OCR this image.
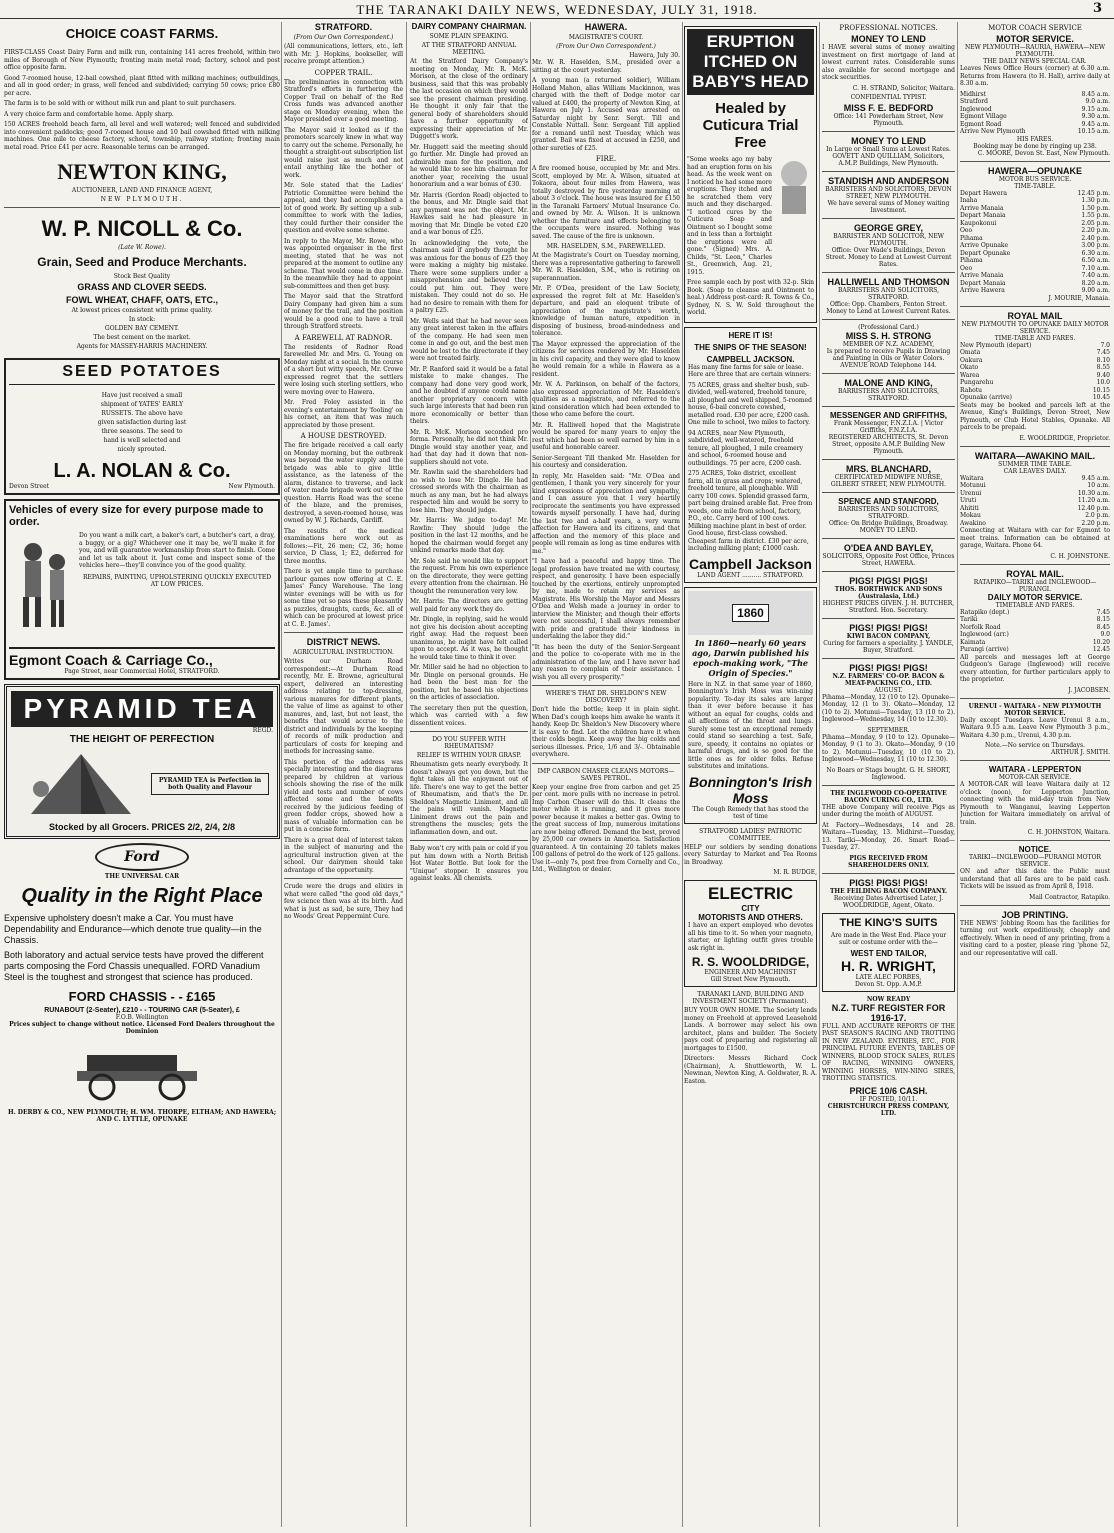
THE TARANAKI DAILY NEWS, WEDNESDAY, JULY 31, 1918.	3
CHOICE COAST FARMS.

FIRST-CLASS Coast Dairy Farm and milk run, containing 141 acres freehold, within two miles of Borough of New Plymouth; fronting main metal road; factory, school and post office opposite farm.

Good 7-roomed house, 12-bail cowshed, plant fitted with milking machines; outbuildings, and all in good order; in grass, well fenced and subdivided; carrying 50 cows; price £80 per acre.

The farm is to be sold with or without milk run and plant to suit purchasers.

A very choice farm and comfortable home. Apply sharp.

150 ACRES freehold beach farm, all level and well watered; well fenced and subdivided into convenient paddocks; good 7-roomed house and 10 bail cowshed fitted with milking machines. One mile to cheese factory, school, township, railway station; fronting main metal road. Price £41 per acre. Reasonable terms can be arranged.

NEWTON KING,
AUCTIONEER, LAND AND FINANCE AGENT,
NEW PLYMOUTH.
W. P. NICOLL & Co.
(Late W. Rowe).
Grain, Seed and Produce Merchants.
Stock Best Quality
GRASS AND CLOVER SEEDS.
FOWL WHEAT, CHAFF, OATS, ETC.,
At lowest prices consistent with prime quality.
In stock:
GOLDEN BAY CEMENT.
The best cement on the market.
Agents for MASSEY-HARRIS MACHINERY.
SEED POTATOES
Have just received a small shipment of YATES' EARLY RUSSETS. The above have given satisfaction during last three seasons. The seed to hand is well selected and nicely sprouted.
L. A. NOLAN & Co.
Devon Street	New Plymouth.
Vehicles of every size for every purpose made to order.
Do you want a milk cart, a baker's cart, a butcher's cart, a dray, a buggy, or a gig? Whichever one it may be, we'll make it for you, and will guarantee workmanship from start to finish. Come and let us talk about it. Just come and inspect some of the vehicles here—they'll convince you of the good quality.
REPAIRS, PAINTING, UPHOLSTERING QUICKLY EXECUTED AT LOW PRICES.
Egmont Coach & Carriage Co.,
Page Street, near Commercial Hotel, STRATFORD.
PYRAMID TEA
REGD.
THE HEIGHT OF PERFECTION
PYRAMID TEA is Perfection in both Quality and Flavour
Stocked by all Grocers. PRICES 2/2, 2/4, 2/8
Ford
THE UNIVERSAL CAR
Quality in the Right Place
Expensive upholstery doesn't make a Car. You must have Dependability and Endurance—which denote true quality—in the Chassis.
Both laboratory and actual service tests have proved the different parts composing the Ford Chassis unequalled. FORD Vanadium Steel is the toughest and strongest that science has produced.
FORD CHASSIS - - £165
RUNABOUT (2-Seater), £210 - - TOURING CAR (5-Seater), £
F.O.B. Wellington
Prices subject to change without notice. Licensed Ford Dealers throughout the Dominion
H. DERBY & CO., NEW PLYMOUTH; H. WM. THORPE, ELTHAM; AND HAWERA; AND C. LYTTLE, OPUNAKE
STRATFORD.
(From Our Own Correspondent.)

(All communications, letters, etc., left with Mr. J. Hopkins, bookseller, will receive prompt attention.)

COPPER TRAIL.

The preliminaries in connection with Stratford's efforts in furthering the Copper Trail on behalf of the Red Cross funds was advanced another stage on Monday evening, when the Mayor presided over a good meeting.

The Mayor said it looked as if the promoters scarcely knew in what way to carry out the scheme. Personally, he thought a straight-out subscription list would raise just as much and not entail anything like the bother of work.

Mr. Sole stated that the Ladies' Patriotic Committee were behind the appeal, and they had accomplished a lot of good work. By setting up a sub-committee to work with the ladies, they could further their consider the question and evolve some scheme.

In reply to the Mayor, Mr. Rowe, who was appointed organiser in the first meeting, stated that he was not prepared at the moment to outline any scheme. That would come in due time. In the meanwhile they had to appoint sub-committees and then get busy.

The Mayor said that the Stratford Dairy Company had given him a sum of money for the trail, and the position would be a good one to have a trail through Stratford streets.

A FAREWELL AT RADNOR.

The residents of Radnor Road farewelled Mr. and Mrs. G. Young on Monday night at a social. In the course of a short but witty speech, Mr. Crowe expressed regret that the settlers were losing such sterling settlers, who were moving over to Hawera.

Mr. Fred Foley assisted in the evening's entertainment by 'fooling' on his cornet, an item that was much appreciated by those present.

A HOUSE DESTROYED.

The fire brigade received a call early on Monday morning, but the outbreak was beyond the water supply and the brigade was able to give little assistance, as the lateness of the alarm, distance to traverse, and lack of water made brigade work out of the question. Harris Road was the scene of the blaze, and the premises, destroyed, a seven-roomed house, was owned by W. J. Richards, Cardiff.

The results of the medical examinations here work out as follows:—Fit, 26 men; C2, 36; home service, D Class, 1; E2, deferred for three months.

There is yet ample time to purchase parlour games now offering at C. E. James' Fancy Warehouse. The long winter evenings will be with us for some time yet so pass these pleasantly as puzzles, draughts, cards, &c. all of which can be procured at lowest price at C. E. James'.

DISTRICT NEWS.
AGRICULTURAL INSTRUCTION.

Writes our Durham Road correspondent:—At Durham Road recently, Mr. E. Browne, agricultural expert, delivered an interesting address relating to top-dressing, various manures for different plants, the value of lime as against to other manures, and, last, but not least, the benefits that would accrue to the district and individuals by the keeping of records of milk production and particulars of costs for keeping and methods for increasing same.

This portion of the address was specially interesting and the diagrams prepared by children at various schools showing the rise of the milk yield and tests and number of cows affected some and the benefits received by the judicious feeding of green fodder crops, showed how a mass of valuable information can be put in a concise form.

There is a great deal of interest taken in the subject of manuring and the agricultural instruction given at the school. Our dairymen should take advantage of the opportunity.

Crude were the drugs and elixirs in what were called "the good old days," few science then was at its birth. And what is just as sad, be sure, They had no Woods' Great Peppermint Cure.

DAIRY COMPANY CHAIRMAN.
SOME PLAIN SPEAKING.
AT THE STRATFORD ANNUAL MEETING.

At the Stratford Dairy Company's meeting on Monday, Mr. R. McK. Morison, at the close of the ordinary business, said that this was probably the last occasion on which they would see the present chairman presiding. He thought it only fair that the general body of shareholders should have a further opportunity of expressing their appreciation of Mr. Duggett's work.

Mr. Huggett said the meeting should go further. Mr. Dingle had proved an admirable man for the position, and he would like to see him chairman for another year, receiving the usual honorarium and a war bonus of £30.

Mr. Harris (Gordon Road) objected to the bonus, and Mr. Dingle said that any payment was not the object. Mr. Hawkes said he had pleasure in moving that Mr. Dingle be voted £20 and a war bonus of £25.

In acknowledging the vote, the chairman said if anybody thought he was anxious for the bonus of £25 they were making a mighty big mistake. There were some suppliers under a misapprehension and believed they could put him out. They were mistaken. They could not do so. He had no desire to remain with them for a paltry £25.

Mr. Wells said that he had never seen any great interest taken in the affairs of the company. He had seen men come in and go out, and the best men would be lost to the directorate if they were not treated fairly.

Mr. P. Ranford said it would be a fatal mistake to make changes. The company had done very good work, and he doubted if anyone could name another proprietary concern with such large interests that had been run more economically or better than theirs.

Mr. R. McK. Morison seconded pro forma. Personally, he did not think Mr. Dingle would stay another year, and had that day had it down that non-suppliers should not vote.

Mr. Rawlin said the shareholders had no wish to lose Mr. Dingle. He had crossed swords with the chairman as much as any man, but he had always respected him and would be sorry to lose him. They should judge.

Mr. Harris: We judge to-day! Mr. Rawlin: They should judge the position in the last 12 months, and he hoped the chairman would forget any unkind remarks made that day.

Mr. Sole said he would like to support the request. From his own experience on the directorate, they were getting every attention from the chairman. He thought the remuneration very low.

Mr. Harris: The directors are getting well paid for any work they do.

Mr. Dingle, in replying, said he would not give his decision about accepting right away. Had the request been unanimous, he might have felt called upon to accept. As it was, he thought he would take time to think it over.

Mr. Miller said he had no objection to Mr. Dingle on personal grounds. He had been the best man for the position, but he based his objections on the articles of association.

The secretary then put the question, which was carried with a few dissentient voices.

DO YOU SUFFER WITH RHEUMATISM?
RELIEF IS WITHIN YOUR GRASP.

Rheumatism gets nearly everybody. It doesn't always get you down, but the fight takes all the enjoyment out of life. There's one way to get the better of Rheumatism, and that's the Dr. Sheldon's Magnetic Liniment, and all the pains will vanish. Magnetic Liniment draws out the pain and strengthens the muscles; gets the inflammation down, and out.

Baby won't cry with pain or cold if you put him down with a North British Hot Water Bottle. But look for the "Unique" stopper. It ensures you against leaks. All chemists.

HAWERA.
MAGISTRATE'S COURT.
(From Our Own Correspondent.)
Hawera, July 30.

Mr. W. R. Haselden, S.M., presided over a sitting at the court yesterday.

A young man (a returned soldier), William Holland Mahon, alias William Mackinnon, was charged with the theft of Dodge motor car valued at £400, the property of Newton King, at Hawera on July 1. Accused was arrested on Saturday night by Senr. Sergt. Till and Constable Nuttall. Senr. Sergeant Till applied for a remand until next Tuesday, which was granted. Bail was fixed at accused in £250, and other sureties of £25.

FIRE.

A fire roomed house, occupied by Mr. and Mrs. Scott, employed by Mr. A. Wilson, situated at Tokaora, about four miles from Hawera, was totally destroyed by fire yesterday morning at about 3 o'clock. The house was insured for £150 in the Taranaki Farmers' Mutual Insurance Co. and owned by Mr. A. Wilson. It is unknown whether the furniture and effects belonging to the occupants were insured. Nothing was saved. The cause of the fire is unknown.

MR. HASELDEN, S.M., FAREWELLED.

At the Magistrate's Court on Tuesday morning, there was a representative gathering to farewell Mr. W. R. Haselden, S.M., who is retiring on superannuation.

Mr. P. O'Dea, president of the Law Society, expressed the regret felt at Mr. Haselden's departure, and paid an eloquent tribute of appreciation of the magistrate's worth, knowledge of human nature, expedition in disposing of business, broad-mindedness and tolerance.

The Mayor expressed the appreciation of the citizens for services rendered by Mr. Haselden in his civil capacity, and they were glad to know he would remain for a while in Hawera as a resident.

Mr. W. A. Parkinson, on behalf of the factors, also expressed appreciation of Mr. Haselden's qualities as a magistrate, and referred to the kind consideration which had been extended to those who came before the court.

Mr. R. Halliwell hoped that the Magistrate would be spared for many years to enjoy the rest which had been so well earned by him in a useful and honorable career.

Senior-Sergeant Till thanked Mr. Haselden for his courtesy and consideration.

In reply, Mr. Haselden said: "Mr. O'Dea and gentlemen, I thank you very sincerely for your kind expressions of appreciation and sympathy, and I can assure you that I very heartily reciprocate the sentiments you have expressed towards myself personally. I have had, during the last two and a-half years, a very warm affection for Hawera and its citizens, and that affection and the memory of this place and people will remain as long as time endures with me."

"I have had a peaceful and happy time. The legal profession have treated me with courtesy, respect, and generosity. I have been especially touched by the exertions, entirely unprompted by me, made to retain my services as Magistrate. His Worship the Mayor and Messrs O'Dea and Welsh made a journey in order to interview the Minister, and though their efforts were not successful, I shall always remember with pride and gratitude their kindness in undertaking the labor they did."

"It has been the duty of the Senior-Sergeant and the police to co-operate with me in the administration of the law, and I have never had any reason to complain of their assistance. I wish you all every prosperity."

WHERE'S THAT DR. SHELDON'S NEW DISCOVERY?

Don't hide the bottle; keep it in plain sight. When Dad's cough keeps him awake he wants it handy. Keep Dr. Sheldon's New Discovery where it is easy to find. Let the children have it when their colds begin. Keep away the big colds and serious illnesses. Price, 1/6 and 3/-. Obtainable everywhere.

IMP CARBON CHASER CLEANS MOTORS—SAVES PETROL.

Keep your engine free from carbon and get 25 per cent. more pulls with no increase in petrol. Imp Carbon Chaser will do this. It cleans the motor while it is running, and it gives more power because it makes a better gas. Owing to the great success of Imp, numerous imitations are now being offered. Demand the best, proved by 25,000 car owners in America. Satisfaction guaranteed. A tin containing 20 tablets makes 100 gallons of petrol do the work of 125 gallons. Use it—only 7s, post free from Cornelly and Co., Ltd., Wellington or dealer.

ERUPTION ITCHED ON BABY'S HEAD
Healed by Cuticura Trial Free
"Some weeks ago my baby had an eruption form on his head. As the week went on I noticed he had some more eruptions. They itched and he scratched them very much and they discharged. "I noticed cures by the Cuticura Soap and Ointment so I bought some and in less than a fortnight the eruptions were all gone." (Signed) Mrs. A. Childs, "St. Leon," Charles St., Greenwich, Aug. 21, 1915.
Free sample each by post with 32-p. Skin Book. (Soap to cleanse and Ointment to heal.) Address post-card: R. Towns & Co., Sydney, N. S. W. Sold throughout the world.
HERE IT IS!
THE SNIPS OF THE SEASON!
CAMPBELL JACKSON.
Has many fine farms for sale or lease. Here are three that are certain winners:
75 ACRES, grass and shelter bush, sub-divided, well-watered, freehold tenure, all ploughed and well shipped, 5-roomed house, 6-bail concrete cowshed, metalled road. £30 per acre, £200 cash. One mile to school, two miles to factory.
94 ACRES, near New Plymouth, subdivided, well-watered, freehold tenure, all ploughed, 1 mile creamery and school, 6-roomed house and outbuildings. 75 per acre, £200 cash.
275 ACRES, Toko district, excellent farm, all in grass and crops; watered, freehold tenure, all ploughable. Will carry 100 cows. Splendid grassed farm, part being drained arable flat. Free from weeds, one mile from school, factory, P.O., etc. Carry herd of 100 cows. Milking machine plant in best of order. Good house, first-class cowshed. Cheapest farm in district. £30 per acre, including milking plant; £1000 cash.
Campbell Jackson
LAND AGENT .......... STRATFORD.
1860
In 1860—nearly 60 years ago, Darwin published his epoch-making work, "The Origin of Species."
Here in N.Z. in that same year of 1860, Bonnington's Irish Moss was win-ning popularity. To-day its sales are larger than it ever before because it has without an equal for coughs, colds and all affections of the throat and lungs. Surely some test an exceptional remedy could stand so searching a test. Safe, sure, speedy, it contains no opiates or harmful drugs, and is so good for the little ones as for older folks. Refuse substitutes and imitations.
Bonnington's Irish Moss
The Cough Remedy that has stood the test of time
STRATFORD LADIES' PATRIOTIC COMMITTEE.

HELP our soldiers by sending donations every Saturday to Market and Tea Rooms in Broadway.

M. R. BUDGE,
ELECTRIC
CITY
MOTORISTS AND OTHERS.
I have an expert employed who devotes all his time to it. So when your magneto, starter, or lighting outfit gives trouble ask right in.
R. S. WOOLDRIDGE,
ENGINEER AND MACHINIST
Gill Street New Plymouth.
TARANAKI LAND, BUILDING AND INVESTMENT SOCIETY (Permanent).

BUY YOUR OWN HOME. The Society lends money on Freehold at approved Leasehold Lands. A borrower may select his own architect, plans and builder. The Society pays cost of preparing and registering all mortgages to £1500.

Directors: Messrs Richard Cock (Chairman), A. Shuttleworth, W. L. Newman, Newton King, A. Goldwater, R. A. Easton.

PROFESSIONAL NOTICES.
MONEY TO LEND

I HAVE several sums of money awaiting investment on first mortgage of land at lowest current rates. Considerable sums also available for second mortgage and stock securities.

C. H. STRAND, Solicitor, Waitara.
CONFIDENTIAL TYPIST.
MISS F. E. BEDFORD
Office: 141 Powderham Street, New Plymouth.
MONEY TO LEND
In Large or Small Sums at Lowest Rates.
GOVETT AND QUILLIAM, Solicitors, A.M.P. Buildings, New Plymouth.
STANDISH AND ANDERSON
BARRISTERS AND SOLICITORS, DEVON STREET, NEW PLYMOUTH.
We have several sums of Money waiting Investment.
GEORGE GREY,
BARRISTER AND SOLICITOR, NEW PLYMOUTH.
Office: Over Wade's Buildings, Devon Street. Money to Lend at Lowest Current Rates.
HALLIWELL AND THOMSON
BARRISTERS AND SOLICITORS, STRATFORD.
Office: Opp. Chambers, Fenton Street. Money to Lend at Lowest Current Rates.
(Professional Card.)
MISS S. H. STRONG
MEMBER OF N.Z. ACADEMY,
Is prepared to receive Pupils in Drawing and Painting in Oils or Water Colors.
AVENUE ROAD Telephone 144.
MALONE AND KING,
BARRISTERS AND SOLICITORS, STRATFORD.
MESSENGER AND GRIFFITHS,
Frank Messenger, F.N.Z.I.A. | Victor Griffiths, F.N.Z.I.A.
REGISTERED ARCHITECTS, St. Devon Street, opposite A.M.P. Building New Plymouth.
MRS. BLANCHARD,
CERTIFICATED MIDWIFE NURSE, GILBERT STREET, NEW PLYMOUTH.
SPENCE AND STANFORD,
BARRISTERS AND SOLICITORS, STRATFORD.
Office: On Bridge Buildings, Broadway. MONEY TO LEND.
O'DEA AND BAYLEY,
SOLICITORS, Opposite Post Office, Princes Street, HAWERA.
PIGS! PIGS! PIGS!
THOS. BORTHWICK AND SONS (Australasia, Ltd.)
HIGHEST PRICES GIVEN. J. H. BUTCHER, Stratford. Hon. Secretary.
PIGS! PIGS! PIGS!
KIWI BACON COMPANY,
Curing for farmers a speciality. J. YANDLE, Buyer, Stratford.
PIGS! PIGS! PIGS!
N.Z. FARMERS' CO-OP. BACON & MEAT-PACKING CO., LTD.
AUGUST.

Pihama—Monday, 12 (10 to 12). Opunake—Monday, 12 (1 to 3). Okato—Monday, 12 (10 to 2). Motunui—Tuesday, 13 (10 to 2). Inglewood—Wednesday, 14 (10 to 12.30).

SEPTEMBER.

Pihama—Monday, 9 (10 to 12). Opunake—Monday, 9 (1 to 3). Okato—Monday, 9 (10 to 2). Motunui—Tuesday, 10 (10 to 2). Inglewood—Wednesday, 11 (10 to 12.30).

No Boars or Stags bought. G. H. SHORT, Inglewood.
THE INGLEWOOD CO-OPERATIVE BACON CURING CO., LTD.

THE above Company will receive Pigs as under during the month of AUGUST.

At Factory—Wednesdays, 14 and 28. Waitara—Tuesday, 13. Midhirst—Tuesday, 13. Tariki—Monday, 26. Smart Road—Tuesday, 27.

PIGS RECEIVED FROM SHAREHOLDERS ONLY.
PIGS! PIGS! PIGS!
THE FEILDING BACON COMPANY.
Receiving Dates Advertised Later, J. WOOLDRIDGE, Agent, Okato.
THE KING'S SUITS
Are made in the West End. Place your suit or costume order with the—
WEST END TAILOR,
H. R. WRIGHT,
LATE ALEC FORBES,
Devon St. Opp. A.M.P.
NOW READY
N.Z. TURF REGISTER FOR 1916-17.

FULL AND ACCURATE REPORTS OF THE PAST SEASON'S RACING AND TROTTING IN NEW ZEALAND. ENTRIES, ETC., FOR PRINCIPAL FUTURE EVENTS, TABLES OF WINNERS, BLOOD STOCK SALES, RULES OF RACING, WINNING OWNERS, WINNING HORSES, WIN-NING SIRES, TROTTING STATISTICS.

PRICE 10/6 CASH.
IF POSTED, 10/11.
CHRISTCHURCH PRESS COMPANY, LTD.
MOTOR COACH SERVICE
MOTOR SERVICE.
NEW PLYMOUTH—RAURIA, HAWERA—NEW PLYMOUTH.
THE DAILY NEWS SPECIAL CAR.

Leaves News Office Hours (corner) at 6.30 a.m. Returns from Hawera (to H. Hall), arrive daily at 8.30 a.m.

Midhirst	8.45 a.m.
Stratford	9.0 a.m.
Inglewood	9.15 a.m.
Egmont Village	9.30 a.m.
Egmont Road	9.45 a.m.
Arrive New Plymouth	10.15 a.m.
HIS FARES.
Booking may be done by ringing up 238.
C. MOORE, Devon St. East, New Plymouth.
HAWERA—OPUNAKE
MOTOR BUS SERVICE.
TIME-TABLE.
Depart Hawera	12.45 p.m.
Inaha	1.30 p.m.
Arrive Manaia	1.50 p.m.
Depart Manaia	1.55 p.m.
Kaupokonui	2.05 p.m.
Oeo	2.20 p.m.
Pihama	2.40 p.m.
Arrive Opunake	3.00 p.m.
Depart Opunake	6.30 a.m.
Pihama	6.50 a.m.
Oeo	7.10 a.m.
Arrive Manaia	7.40 a.m.
Depart Manaia	8.20 a.m.
Arrive Hawera	9.00 a.m.
J. MOURIE, Manaia.
ROYAL MAIL
NEW PLYMOUTH TO OPUNAKE DAILY MOTOR SERVICE.
TIME-TABLE AND FARES.
New Plymouth (depart)	7.0
Omata	7.45
Oakura	8.10
Okato	8.55
Warea	9.40
Pungarehu	10.0
Rahotu	10.15
Opunake (arrive)	10.45

Seats may be booked and parcels left at the Avenue, King's Buildings, Devon Street, New Plymouth, or Club Hotel Stables, Opunake. All parcels to be prepaid.

E. WOOLDRIDGE, Proprietor.
WAITARA—AWAKINO MAIL.
SUMMER TIME TABLE.
CAR LEAVES DAILY.
Waitara	9.45 a.m.
Motunui	10 a.m.
Urenui	10.30 a.m.
Uruti	11.20 a.m.
Ahititi	12.40 p.m.
Mokau	2.0 p.m.
Awakino	2.20 p.m.

Connecting at Waitara with car for Egmont to meet trains. Information can be obtained at garage, Waitara. Phone 64.

C. H. JOHNSTONE.
ROYAL MAIL.
RATAPIKO—TARIKI and INGLEWOOD—PURANGI.
DAILY MOTOR SERVICE.
TIMETABLE AND FARES.
Ratapiko (dept.)	7.45
Tariki	8.15
Norfolk Road	8.45
Inglewood (arr.)	9.0
Kaimata	10.20
Purangi (arrive)	12.45

All parcels and messages left at George Gudgeon's Garage (Inglewood) will receive every attention, for further particulars apply to the proprietor.

J. JACOBSEN.
URENUI - WAITARA - NEW PLYMOUTH MOTOR SERVICE.

Daily except Tuesdays. Leave Urenui 8 a.m., Waitara 9.15 a.m. Leave New Plymouth 3 p.m., Waitara 4.30 p.m., Urenui, 4.30 p.m.

Note.—No service on Thursdays.
ARTHUR J. SMITH.
WAITARA - LEPPERTON
MOTOR-CAR SERVICE.

A MOTOR-CAR will leave Waitara daily at 12 o'clock (noon), for Lepperton Junction, connecting with the mid-day train from New Plymouth to Wanganui, leaving Lepperton Junction for Waitara immediately on arrival of train.

C. H. JOHNSTON, Waitara.
NOTICE.
TARIKI—INGLEWOOD—PURANGI MOTOR SERVICE.

ON and after this date the Public must understand that all fares are to be paid cash. Tickets will be issued as from April 8, 1918.

Mail Contractor, Ratapiko.
JOB PRINTING.

THE NEWS' Jobbing Room has the facilities for turning out work expeditiously, cheaply and effectively. When in need of any printing, from a visiting card to a poster, please ring 'phone 52, and our representative will call.
